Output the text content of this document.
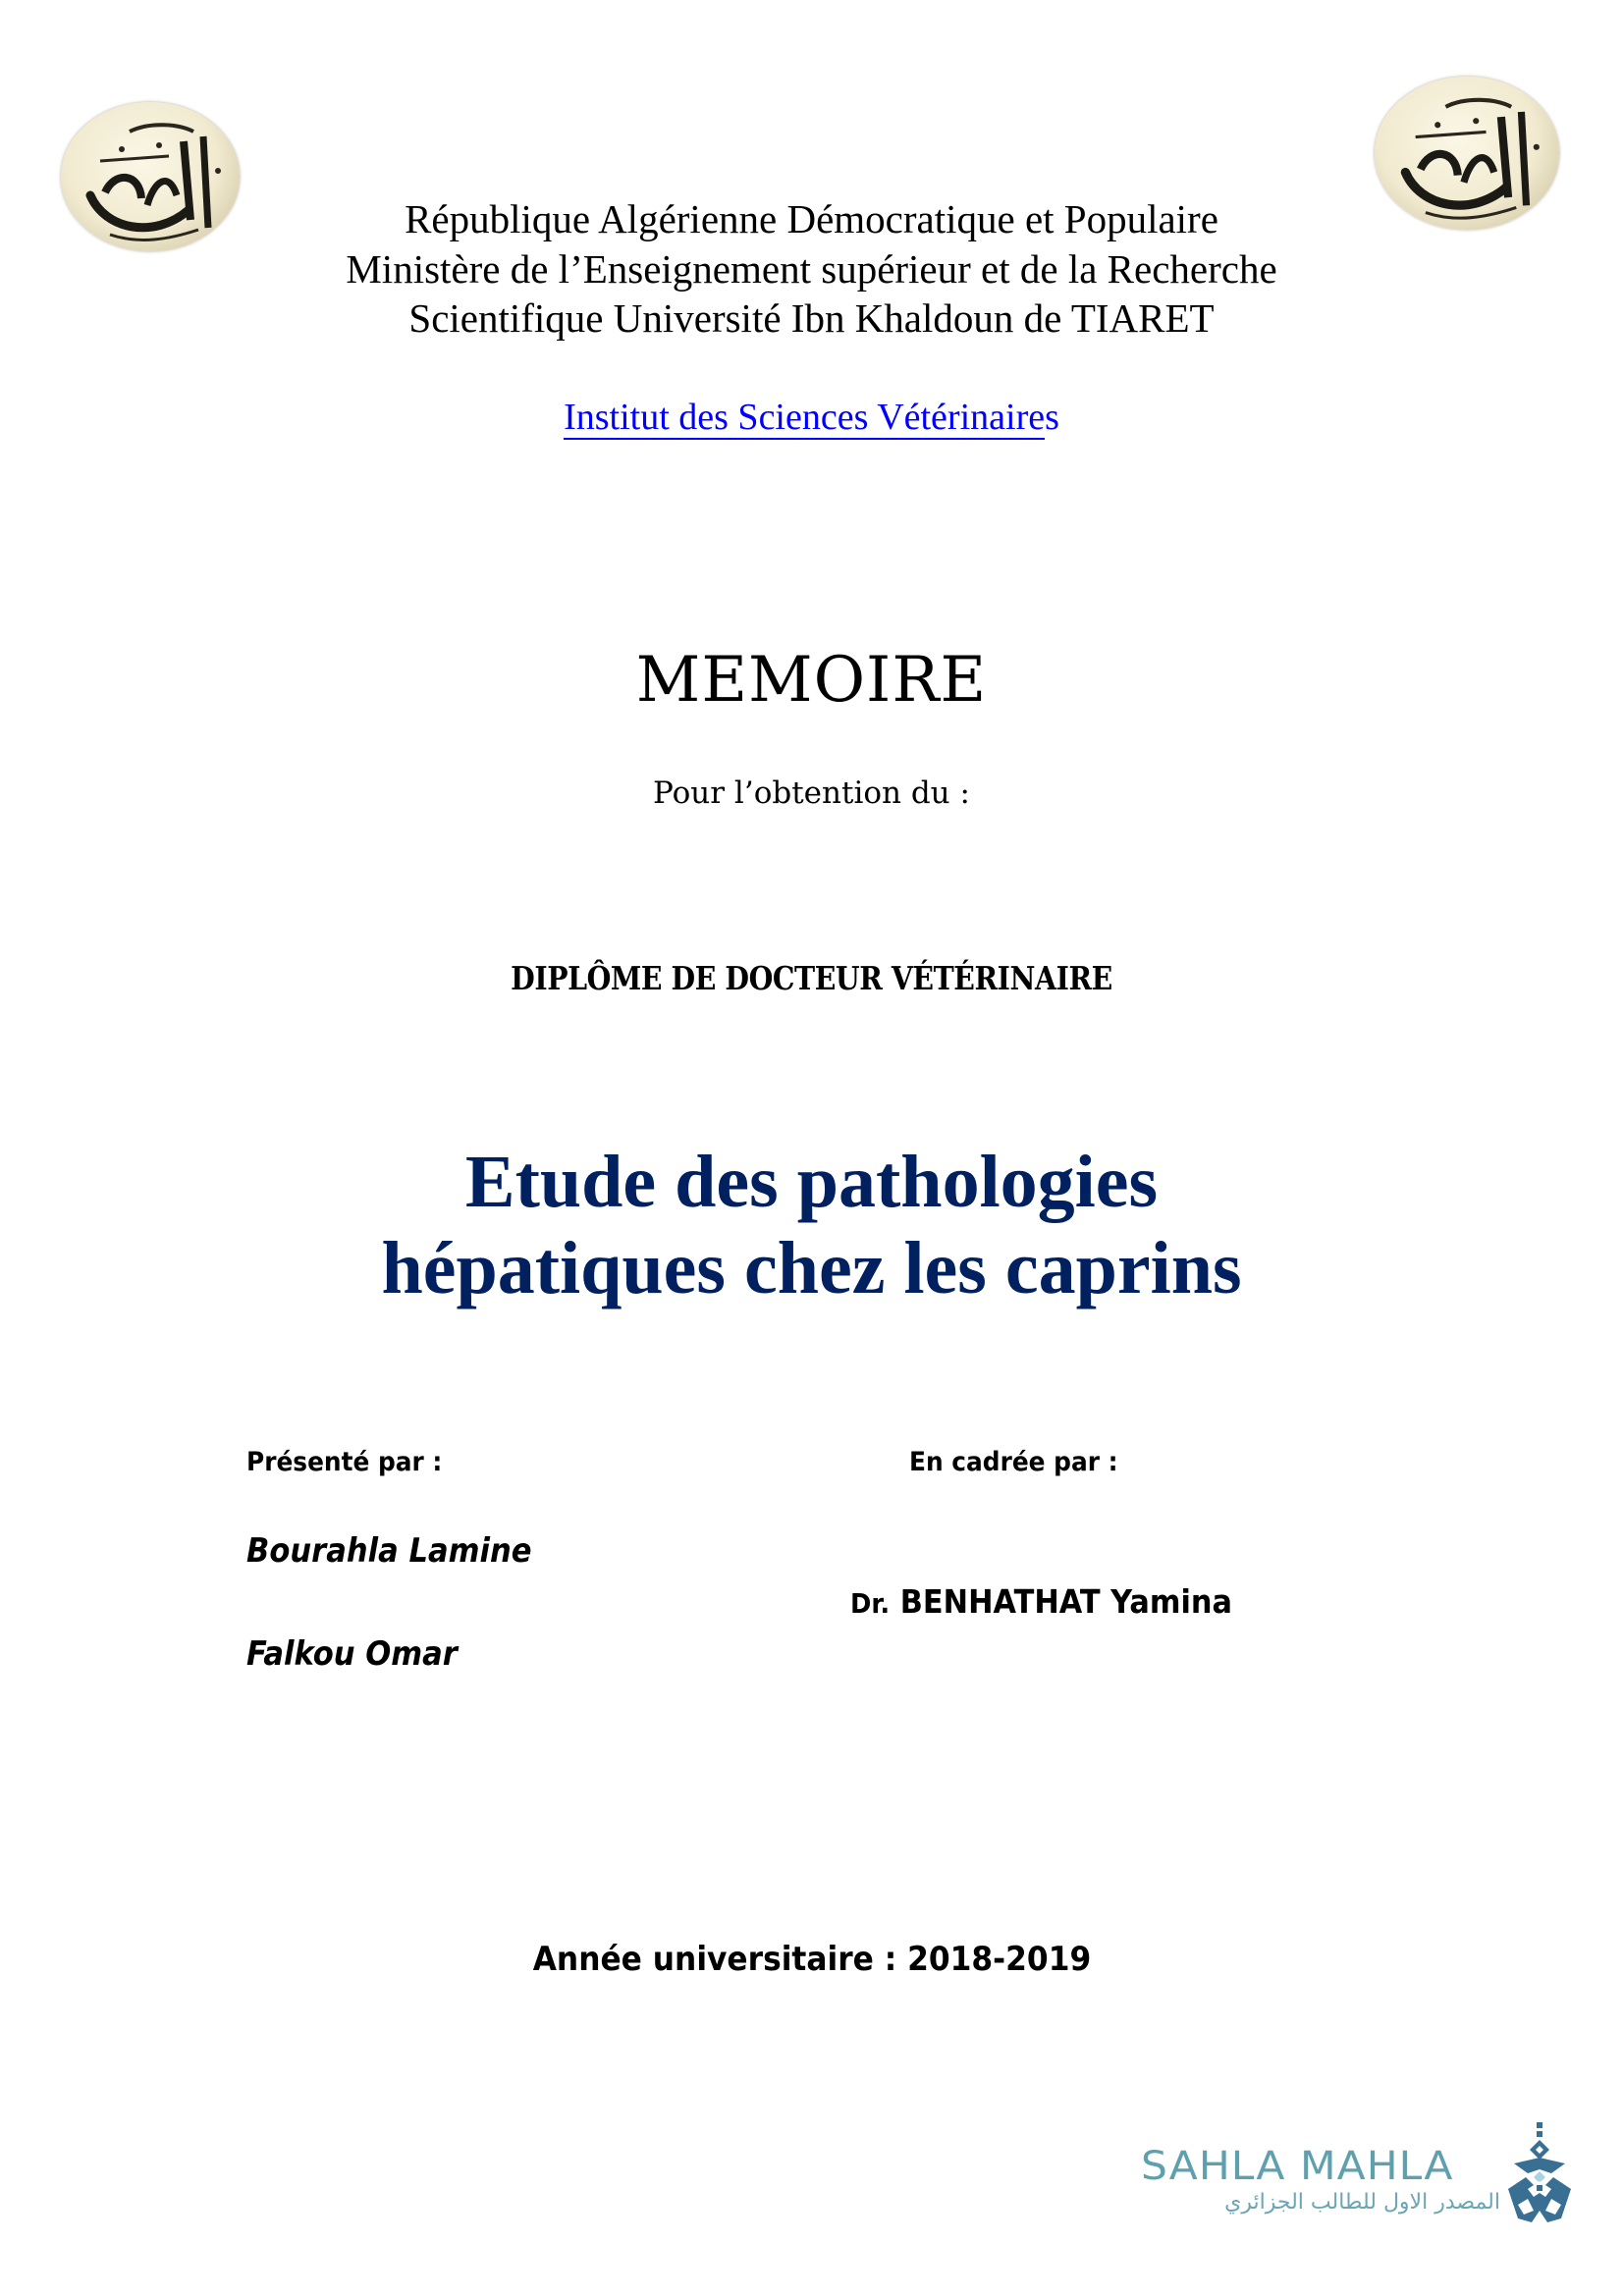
République Algérienne Démocratique et Populaire
Ministère de l’Enseignement supérieur et de la Recherche
Scientifique Université Ibn Khaldoun de TIARET
Institut des Sciences Vétérinaires
MEMOIRE
Pour l’obtention du :
DIPLÔME DE DOCTEUR VÉTÉRINAIRE
Etude des pathologies
hépatiques chez les caprins
Présenté par :	En cadrée par :
Bourahla Lamine
Falkou Omar
Dr. BENHATHAT Yamina
Année universitaire : 2018-2019
SAHLA MAHLA
المصدر الاول للطالب الجزائري
